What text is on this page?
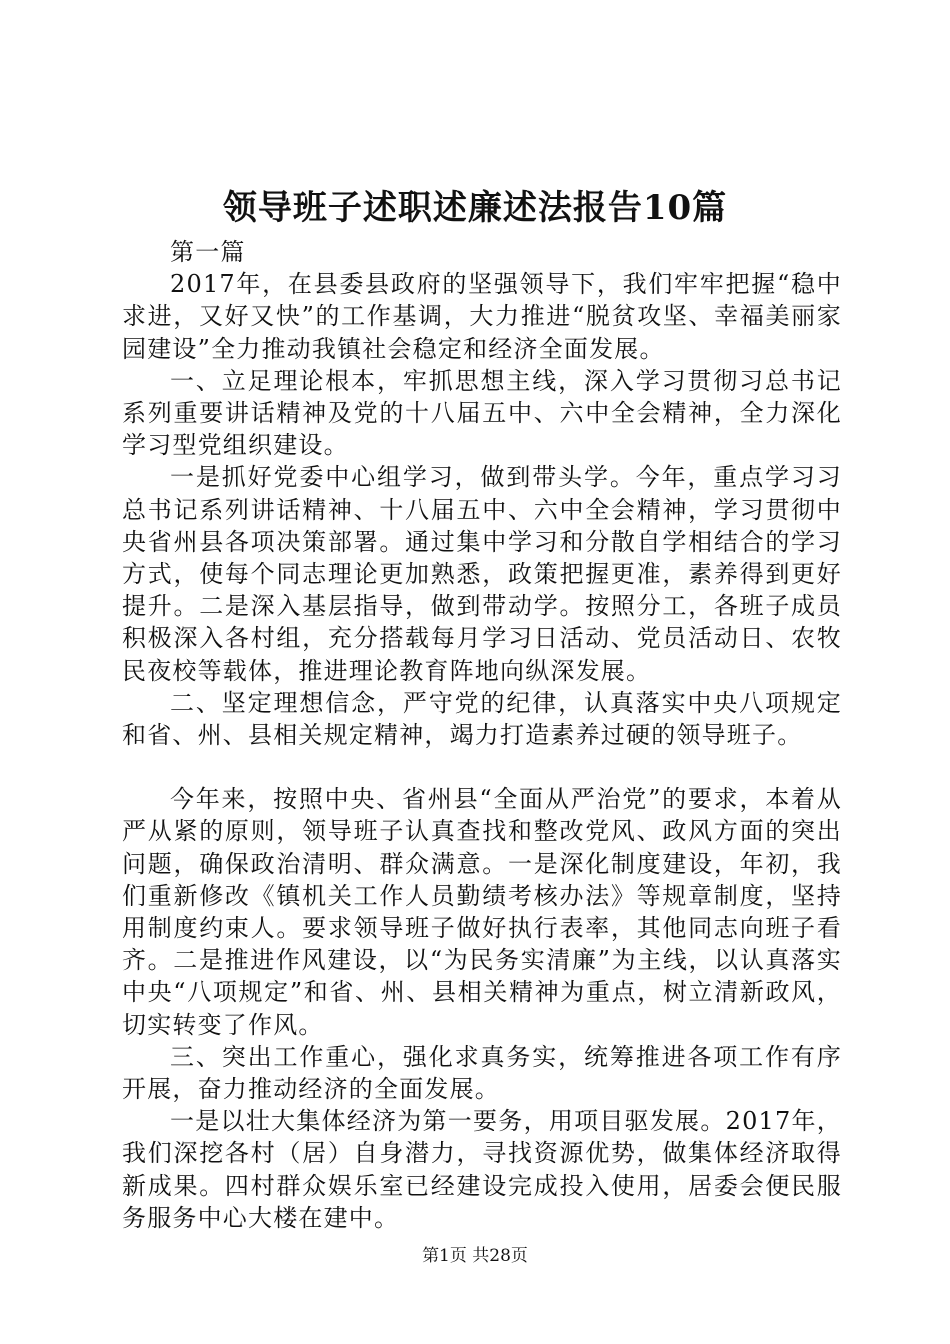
领导班子述职述廉述法报告10篇

第一篇

2017年，在县委县政府的坚强领导下，我们牢牢把握“稳中求进，又好又快”的工作基调，大力推进“脱贫攻坚、幸福美丽家园建设”全力推动我镇社会稳定和经济全面发展。

一、立足理论根本，牢抓思想主线，深入学习贯彻习总书记系列重要讲话精神及党的十八届五中、六中全会精神，全力深化学习型党组织建设。

一是抓好党委中心组学习，做到带头学。今年，重点学习习总书记系列讲话精神、十八届五中、六中全会精神，学习贯彻中央省州县各项决策部署。通过集中学习和分散自学相结合的学习方式，使每个同志理论更加熟悉，政策把握更准，素养得到更好提升。二是深入基层指导，做到带动学。按照分工，各班子成员积极深入各村组，充分搭载每月学习日活动、党员活动日、农牧民夜校等载体，推进理论教育阵地向纵深发展。

二、坚定理想信念，严守党的纪律，认真落实中央八项规定和省、州、县相关规定精神，竭力打造素养过硬的领导班子。

今年来，按照中央、省州县“全面从严治党”的要求，本着从严从紧的原则，领导班子认真查找和整改党风、政风方面的突出问题，确保政治清明、群众满意。一是深化制度建设，年初，我们重新修改《镇机关工作人员勤绩考核办法》等规章制度，坚持用制度约束人。要求领导班子做好执行表率，其他同志向班子看齐。二是推进作风建设，以“为民务实清廉”为主线，以认真落实中央“八项规定”和省、州、县相关精神为重点，树立清新政风，切实转变了作风。

三、突出工作重心，强化求真务实，统筹推进各项工作有序开展，奋力推动经济的全面发展。

一是以壮大集体经济为第一要务，用项目驱发展。2017年，我们深挖各村（居）自身潜力，寻找资源优势，做集体经济取得新成果。四村群众娱乐室已经建设完成投入使用，居委会便民服务服务中心大楼在建中。

第1页 共28页
